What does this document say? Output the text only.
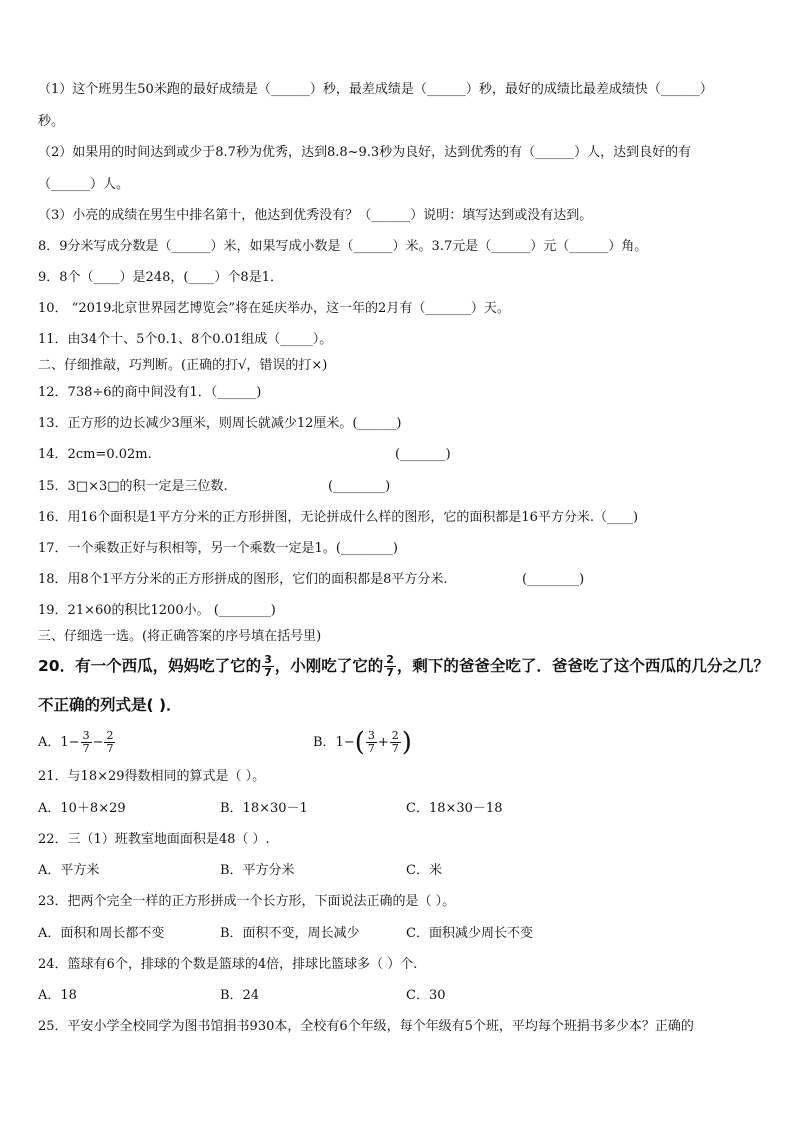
（1）这个班男生50米跑的最好成绩是（______）秒，最差成绩是（______）秒，最好的成绩比最差成绩快（______）
秒。
（2）如果用的时间达到或少于8.7秒为优秀，达到8.8~9.3秒为良好，达到优秀的有（______）人，达到良好的有
（______）人。
（3）小亮的成绩在男生中排名第十，他达到优秀没有？（______）说明：填写达到或没有达到。
8．9分米写成分数是（______）米，如果写成小数是（______）米。3.7元是（______）元（______）角。
9．8个（____）是248，(____）个8是1．
10． “2019北京世界园艺博览会”将在延庆举办，这一年的2月有（_______）天。
11．由34个十、5个0.1、8个0.01组成（_____）。
二、仔细推敲，巧判断。(正确的打√，错误的打×)
12．738÷6的商中间没有1．（______)
13．正方形的边长减少3厘米，则周长就减少12厘米。(______)
14．2cm=0.02m.	(_______)
15．3□×3□的积一定是三位数.	(________)
16．用16个面积是1平方分米的正方形拼图，无论拼成什么样的图形，它的面积都是16平方分米.（____)
17．一个乘数正好与积相等，另一个乘数一定是1。(________)
18．用8个1平方分米的正方形拼成的图形，它们的面积都是8平方分米.	(________)
19．21×60的积比1200小。 (________)
三、仔细选一选。(将正确答案的序号填在括号里)
20．有一个西瓜，妈妈吃了它的 $\frac{3}{7}$ ，小刚吃了它的 $\frac{2}{7}$ ，剩下的爸爸全吃了．爸爸吃了这个西瓜的几分之几？
不正确的列式是( )．
A．$1- \frac{3}{7} - \frac{2}{7}$	B．$1-( \frac{3}{7} + \frac{2}{7}$ )
21．与18×29得数相同的算式是（ ）。
A．10＋8×29	B．18×30－1	C．18×30－18
22．三（1）班教室地面面积是48（ ）.
A．平方米	B．平方分米	C．米
23．把两个完全一样的正方形拼成一个长方形，下面说法正确的是（ ）。
A．面积和周长都不变	B．面积不变，周长减少	C．面积减少周长不变
24．篮球有6个，排球的个数是篮球的4倍，排球比篮球多（ ）个.
A．18	B．24	C．30
25．平安小学全校同学为图书馆捐书930本，全校有6个年级，每个年级有5个班，平均每个班捐书多少本？正确的
